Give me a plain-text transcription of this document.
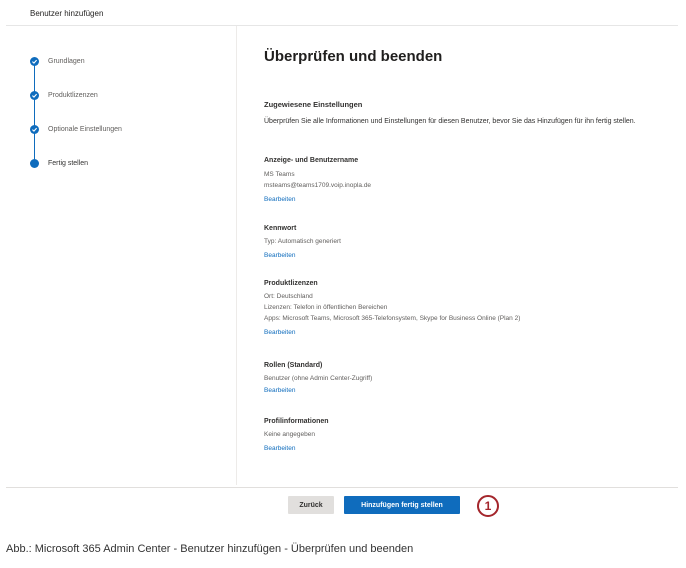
Benutzer hinzufügen
Grundlagen
Produktlizenzen
Optionale Einstellungen
Fertig stellen
Überprüfen und beenden
Zugewiesene Einstellungen
Überprüfen Sie alle Informationen und Einstellungen für diesen Benutzer, bevor Sie das Hinzufügen für ihn fertig stellen.
Anzeige- und Benutzername
MS Teams
msteams@teams1709.voip.inopla.de
Bearbeiten
Kennwort
Typ: Automatisch generiert
Bearbeiten
Produktlizenzen
Ort: Deutschland
Lizenzen: Telefon in öffentlichen Bereichen
Apps: Microsoft Teams, Microsoft 365-Telefonsystem, Skype for Business Online (Plan 2)
Bearbeiten
Rollen (Standard)
Benutzer (ohne Admin Center-Zugriff)
Bearbeiten
Profilinformationen
Keine angegeben
Bearbeiten
Zurück	Hinzufügen fertig stellen	1
Abb.: Microsoft 365 Admin Center - Benutzer hinzufügen - Überprüfen und beenden
